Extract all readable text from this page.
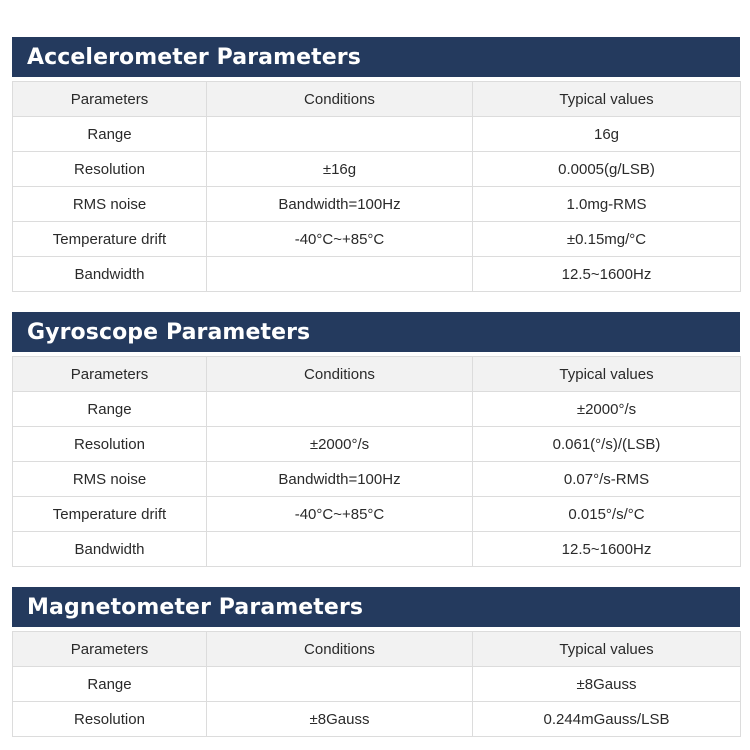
Accelerometer Parameters
Parameters	Conditions	Typical values
Range		16g
Resolution	±16g	0.0005(g/LSB)
RMS noise	Bandwidth=100Hz	1.0mg-RMS
Temperature drift	-40°C~+85°C	±0.15mg/°C
Bandwidth		12.5~1600Hz
Gyroscope Parameters
Parameters	Conditions	Typical values
Range		±2000°/s
Resolution	±2000°/s	0.061(°/s)/(LSB)
RMS noise	Bandwidth=100Hz	0.07°/s-RMS
Temperature drift	-40°C~+85°C	0.015°/s/°C
Bandwidth		12.5~1600Hz
Magnetometer Parameters
Parameters	Conditions	Typical values
Range		±8Gauss
Resolution	±8Gauss	0.244mGauss/LSB
